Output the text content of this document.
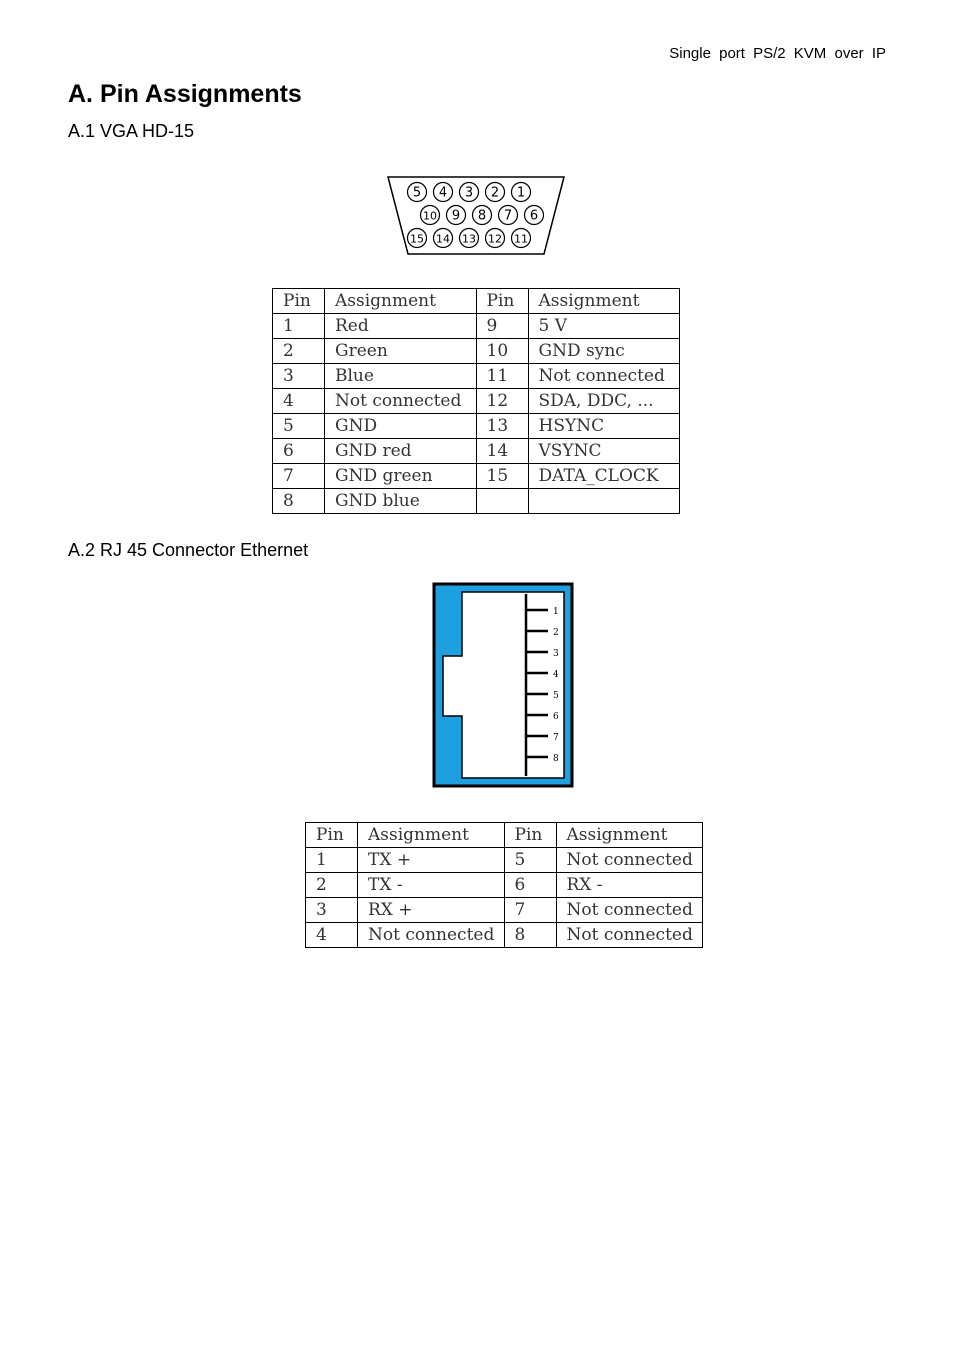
Single port PS/2 KVM over IP
A. Pin Assignments
A.1 VGA HD-15
5 4 3 2 1
10 9 8 7 6
15 14 13 12 11
Pin	Assignment	Pin	Assignment
1	Red	9	5 V
2	Green	10	GND sync
3	Blue	11	Not connected
4	Not connected	12	SDA, DDC, ...
5	GND	13	HSYNC
6	GND red	14	VSYNC
7	GND green	15	DATA_CLOCK
8	GND blue		
A.2 RJ 45 Connector Ethernet
1
2
3
4
5
6
7
8
Pin	Assignment	Pin	Assignment
1	TX +	5	Not connected
2	TX -	6	RX -
3	RX +	7	Not connected
4	Not connected	8	Not connected
